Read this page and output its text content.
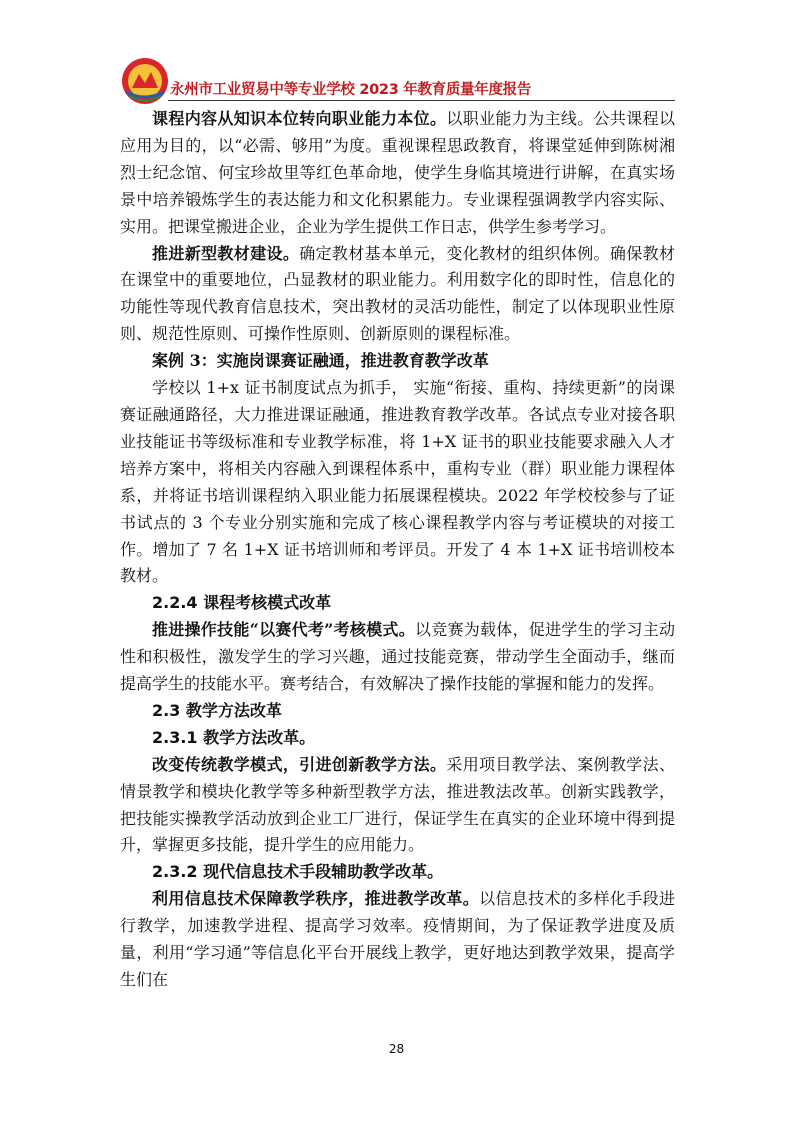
永州市工业贸易中等专业学校 2023 年教育质量年度报告

课程内容从知识本位转向职业能力本位。以职业能力为主线。公共课程以应用为目的，以“必需、够用”为度。重视课程思政教育，将课堂延伸到陈树湘烈士纪念馆、何宝珍故里等红色革命地，使学生身临其境进行讲解，在真实场景中培养锻炼学生的表达能力和文化积累能力。专业课程强调教学内容实际、实用。把课堂搬进企业，企业为学生提供工作日志，供学生参考学习。

推进新型教材建设。确定教材基本单元，变化教材的组织体例。确保教材在课堂中的重要地位，凸显教材的职业能力。利用数字化的即时性，信息化的功能性等现代教育信息技术，突出教材的灵活功能性，制定了以体现职业性原则、规范性原则、可操作性原则、创新原则的课程标准。

案例 3：实施岗课赛证融通，推进教育教学改革

学校以 1+x 证书制度试点为抓手， 实施“衔接、重构、持续更新”的岗课赛证融通路径，大力推进课证融通，推进教育教学改革。各试点专业对接各职业技能证书等级标准和专业教学标准，将 1+X 证书的职业技能要求融入人才培养方案中，将相关内容融入到课程体系中，重构专业（群）职业能力课程体系，并将证书培训课程纳入职业能力拓展课程模块。2022 年学校校参与了证书试点的 3 个专业分别实施和完成了核心课程教学内容与考证模块的对接工作。增加了 7 名 1+X 证书培训师和考评员。开发了 4 本 1+X 证书培训校本教材。

2.2.4 课程考核模式改革

推进操作技能“以赛代考”考核模式。以竞赛为载体，促进学生的学习主动性和积极性，激发学生的学习兴趣，通过技能竞赛，带动学生全面动手，继而提高学生的技能水平。赛考结合，有效解决了操作技能的掌握和能力的发挥。

2.3 教学方法改革
2.3.1 教学方法改革。

改变传统教学模式，引进创新教学方法。采用项目教学法、案例教学法、情景教学和模块化教学等多种新型教学方法，推进教法改革。创新实践教学，把技能实操教学活动放到企业工厂进行，保证学生在真实的企业环境中得到提升，掌握更多技能，提升学生的应用能力。

2.3.2 现代信息技术手段辅助教学改革。

利用信息技术保障教学秩序，推进教学改革。以信息技术的多样化手段进行教学，加速教学进程、提高学习效率。疫情期间，为了保证教学进度及质量，利用“学习通”等信息化平台开展线上教学，更好地达到教学效果，提高学生们在

28
